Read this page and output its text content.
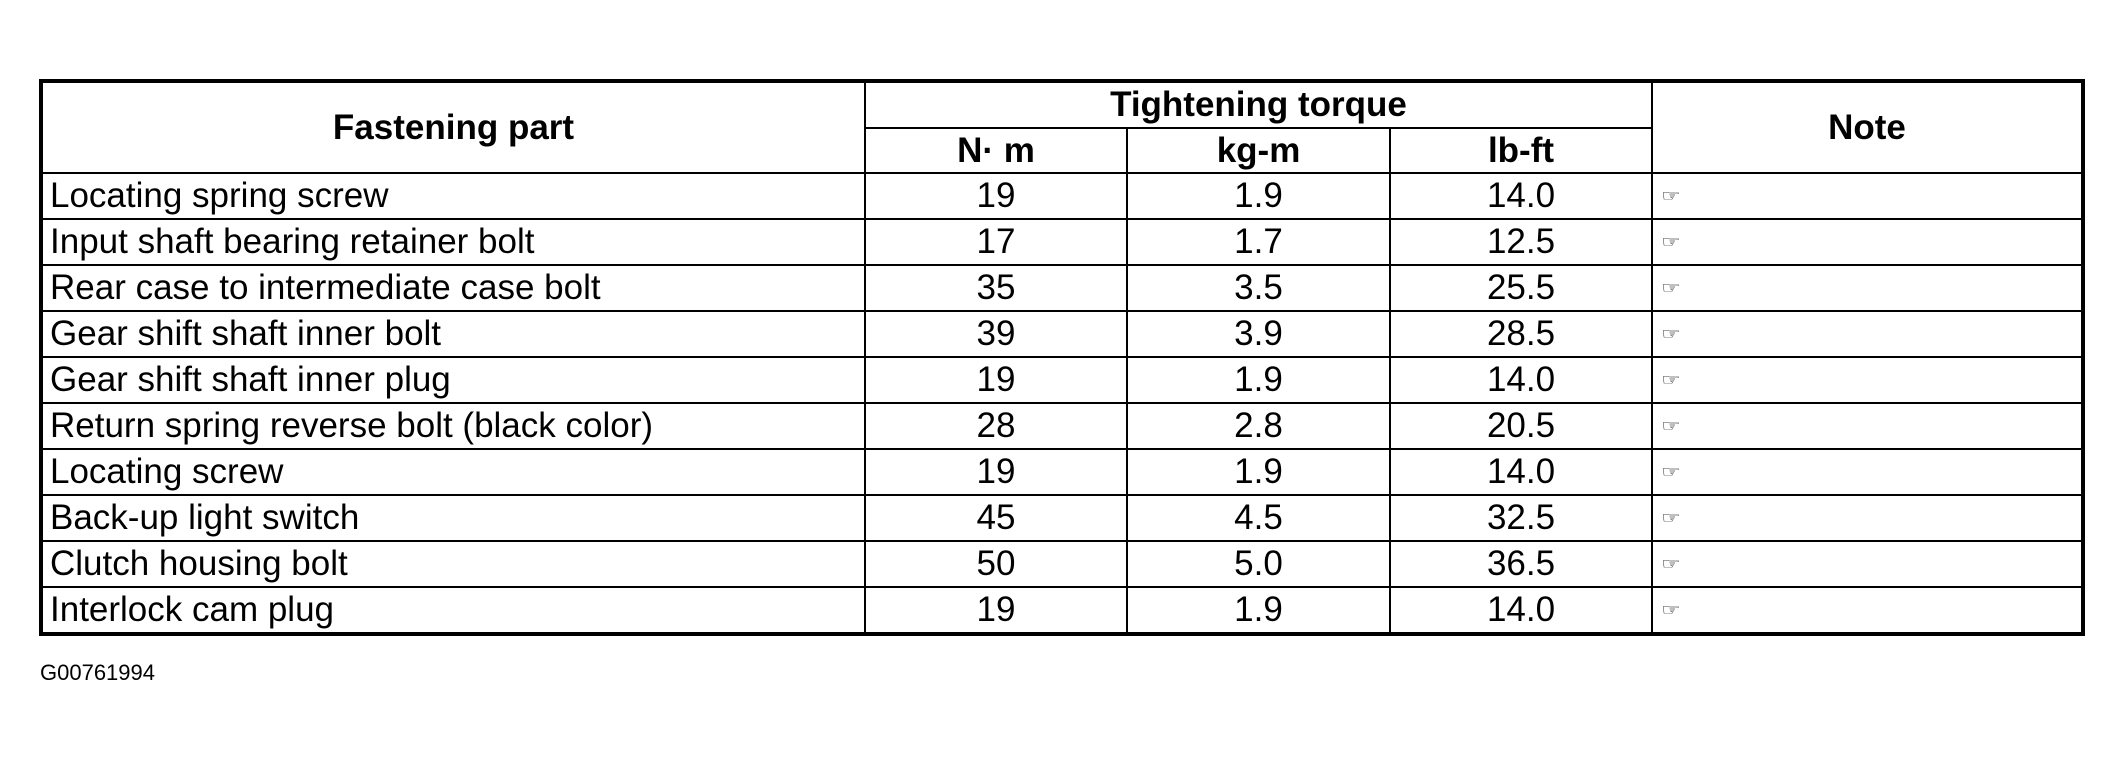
Fastening part	Tightening torque			Note
	N· m	kg-m	lb-ft	
Locating spring screw	19	1.9	14.0	☞
Input shaft bearing retainer bolt	17	1.7	12.5	☞
Rear case to intermediate case bolt	35	3.5	25.5	☞
Gear shift shaft inner bolt	39	3.9	28.5	☞
Gear shift shaft inner plug	19	1.9	14.0	☞
Return spring reverse bolt (black color)	28	2.8	20.5	☞
Locating screw	19	1.9	14.0	☞
Back-up light switch	45	4.5	32.5	☞
Clutch housing bolt	50	5.0	36.5	☞
Interlock cam plug	19	1.9	14.0	☞
G00761994
